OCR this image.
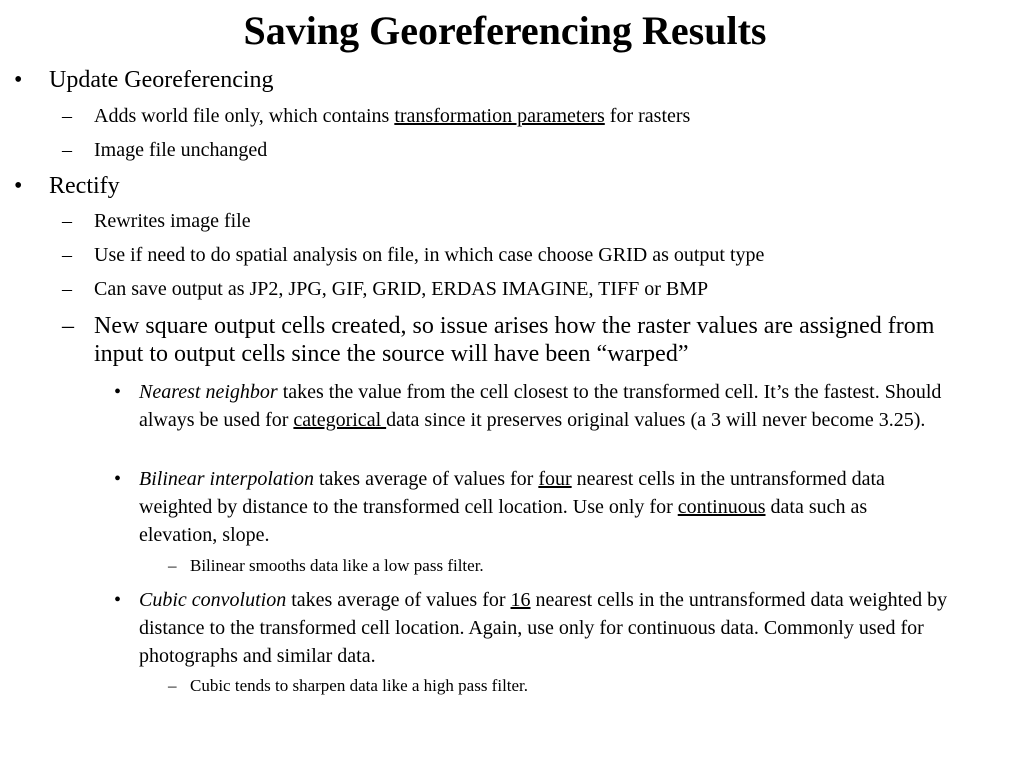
Saving Georeferencing Results
• Update Georeferencing

– Adds world file only, which contains transformation parameters for rasters

– Image file unchanged

• Rectify

– Rewrites image file

– Use if need to do spatial analysis on file, in which case choose GRID as output type

– Can save output as JP2, JPG, GIF, GRID, ERDAS IMAGINE, TIFF or BMP

– New square output cells created, so issue arises how the raster values are assigned from input to output cells since the source will have been “warped”

• Nearest neighbor takes the value from the cell closest to the transformed cell. It’s the fastest. Should always be used for categorical data since it preserves original values (a 3 will never become 3.25).

• Bilinear interpolation takes average of values for four nearest cells in the untransformed data weighted by distance to the transformed cell location. Use only for continuous data such as elevation, slope.

– Bilinear smooths data like a low pass filter.

• Cubic convolution takes average of values for 16 nearest cells in the untransformed data weighted by distance to the transformed cell location. Again, use only for continuous data. Commonly used for photographs and similar data.

– Cubic tends to sharpen data like a high pass filter.
